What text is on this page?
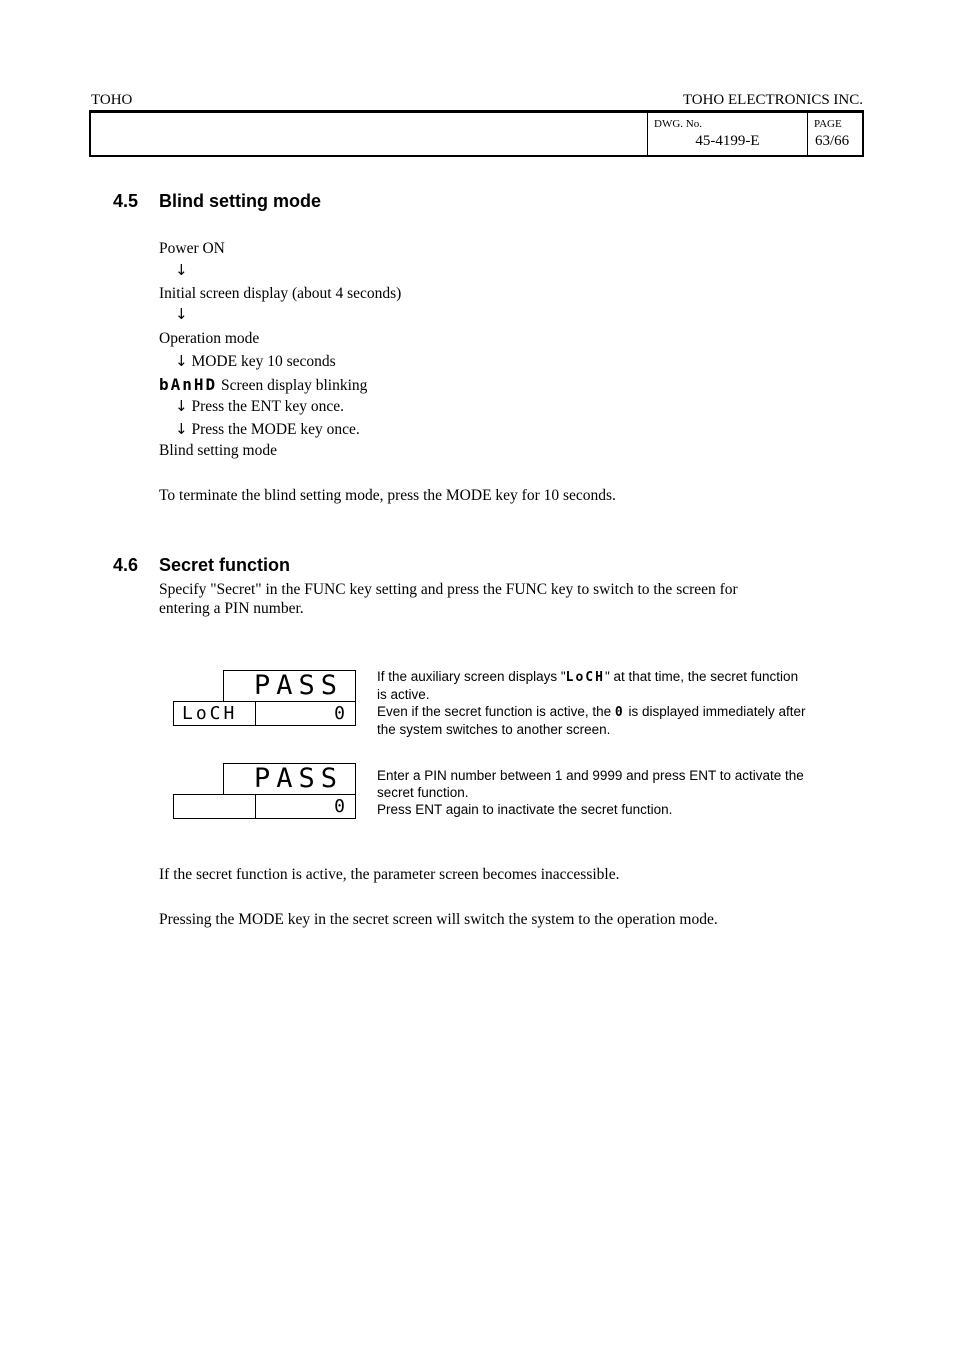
TOHO	TOHO ELECTRONICS INC.
DWG. No.
45-4199-E
PAGE
63/66
4.5 Blind setting mode
Power ON
↓
Initial screen display (about 4 seconds)
↓
Operation mode
↓ MODE key 10 seconds
bAnHD Screen display blinking
↓ Press the ENT key once.
↓ Press the MODE key once.
Blind setting mode
To terminate the blind setting mode, press the MODE key for 10 seconds.
4.6 Secret function
Specify "Secret" in the FUNC key setting and press the FUNC key to switch to the screen for
entering a PIN number.
PASS
LoCH	0
If the auxiliary screen displays "LoCH" at that time, the secret function
is active.
Even if the secret function is active, the 0 is displayed immediately after
the system switches to another screen.
PASS
0
Enter a PIN number between 1 and 9999 and press ENT to activate the
secret function.
Press ENT again to inactivate the secret function.
If the secret function is active, the parameter screen becomes inaccessible.
Pressing the MODE key in the secret screen will switch the system to the operation mode.
